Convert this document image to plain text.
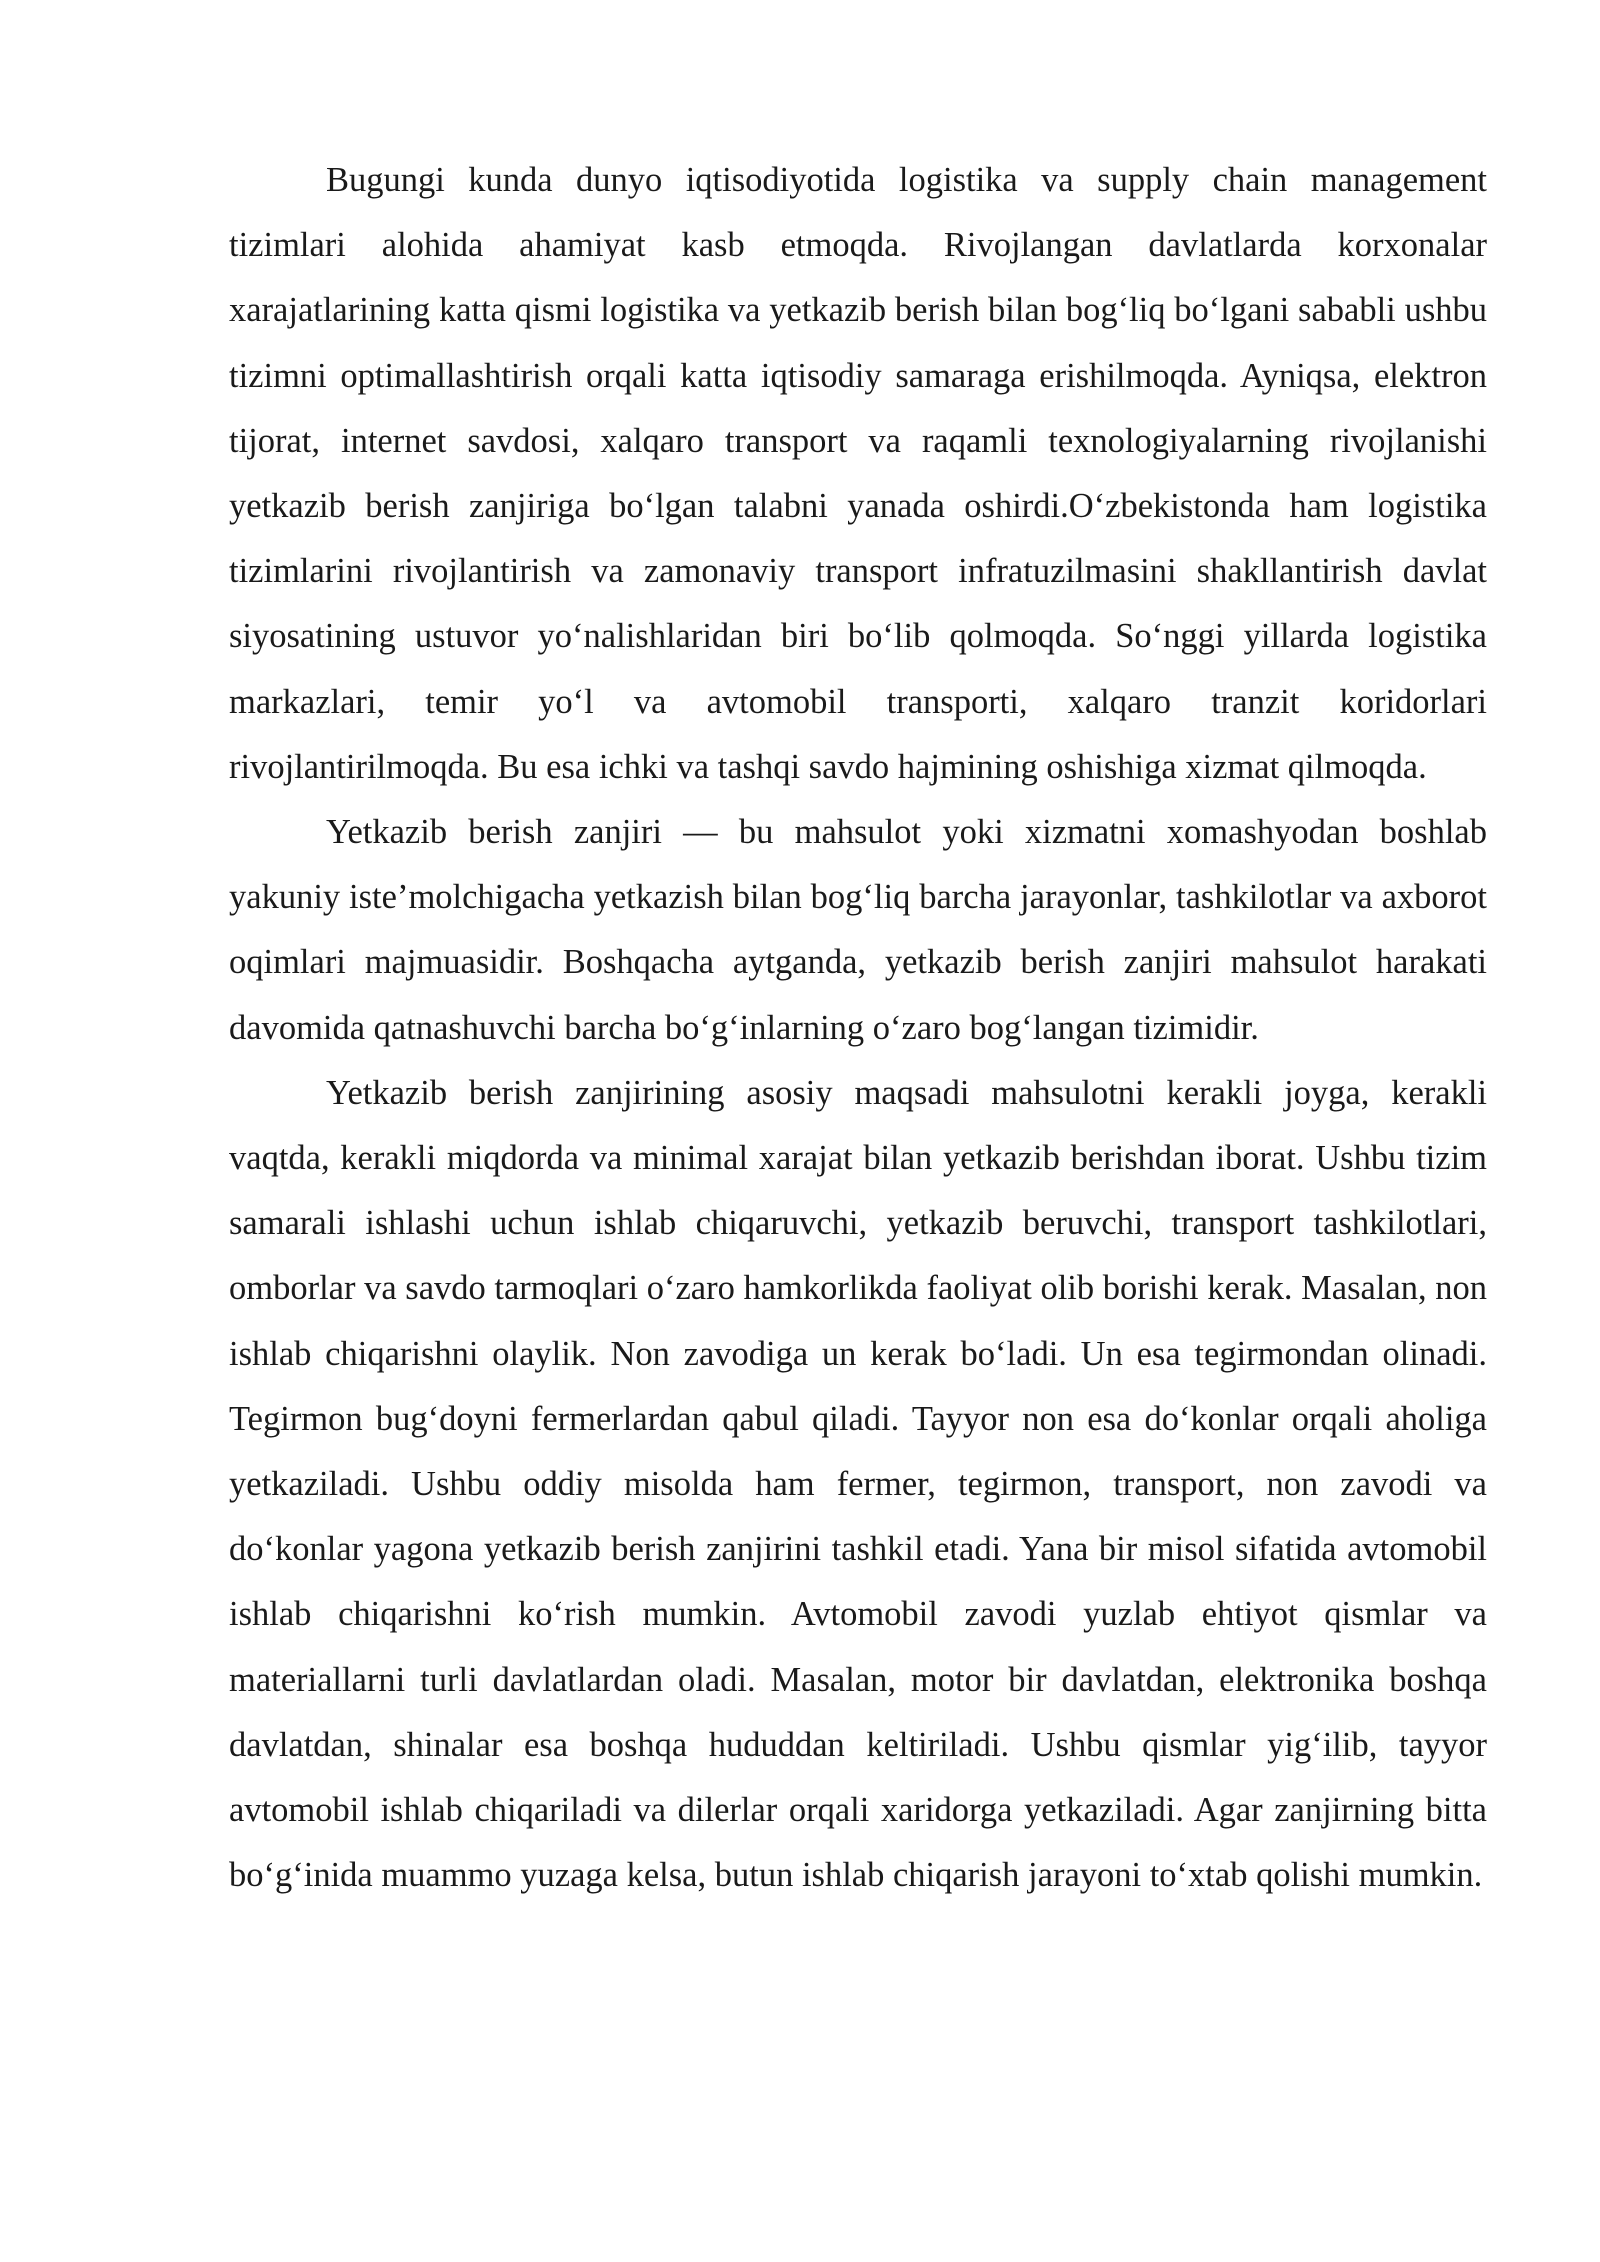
Bugungi kunda dunyo iqtisodiyotida logistika va supply chain management tizimlari alohida ahamiyat kasb etmoqda. Rivojlangan davlatlarda korxonalar xarajatlarining katta qismi logistika va yetkazib berish bilan bog‘liq bo‘lgani sababli ushbu tizimni optimallashtirish orqali katta iqtisodiy samaraga erishilmoqda. Ayniqsa, elektron tijorat, internet savdosi, xalqaro transport va raqamli texnologiyalarning rivojlanishi yetkazib berish zanjiriga bo‘lgan talabni yanada oshirdi.O‘zbekistonda ham logistika tizimlarini rivojlantirish va zamonaviy transport infratuzilmasini shakllantirish davlat siyosatining ustuvor yo‘nalishlaridan biri bo‘lib qolmoqda. So‘nggi yillarda logistika markazlari, temir yo‘l va avtomobil transporti, xalqaro tranzit koridorlari rivojlantirilmoqda. Bu esa ichki va tashqi savdo hajmining oshishiga xizmat qilmoqda.

Yetkazib berish zanjiri — bu mahsulot yoki xizmatni xomashyodan boshlab yakuniy iste’molchigacha yetkazish bilan bog‘liq barcha jarayonlar, tashkilotlar va axborot oqimlari majmuasidir. Boshqacha aytganda, yetkazib berish zanjiri mahsulot harakati davomida qatnashuvchi barcha bo‘g‘inlarning o‘zaro bog‘langan tizimidir.

Yetkazib berish zanjirining asosiy maqsadi mahsulotni kerakli joyga, kerakli vaqtda, kerakli miqdorda va minimal xarajat bilan yetkazib berishdan iborat. Ushbu tizim samarali ishlashi uchun ishlab chiqaruvchi, yetkazib beruvchi, transport tashkilotlari, omborlar va savdo tarmoqlari o‘zaro hamkorlikda faoliyat olib borishi kerak. Masalan, non ishlab chiqarishni olaylik. Non zavodiga un kerak bo‘ladi. Un esa tegirmondan olinadi. Tegirmon bug‘doyni fermerlardan qabul qiladi. Tayyor non esa do‘konlar orqali aholiga yetkaziladi. Ushbu oddiy misolda ham fermer, tegirmon, transport, non zavodi va do‘konlar yagona yetkazib berish zanjirini tashkil etadi. Yana bir misol sifatida avtomobil ishlab chiqarishni ko‘rish mumkin. Avtomobil zavodi yuzlab ehtiyot qismlar va materiallarni turli davlatlardan oladi. Masalan, motor bir davlatdan, elektronika boshqa davlatdan, shinalar esa boshqa hududdan keltiriladi. Ushbu qismlar yig‘ilib, tayyor avtomobil ishlab chiqariladi va dilerlar orqali xaridorga yetkaziladi. Agar zanjirning bitta bo‘g‘inida muammo yuzaga kelsa, butun ishlab chiqarish jarayoni to‘xtab qolishi mumkin.
